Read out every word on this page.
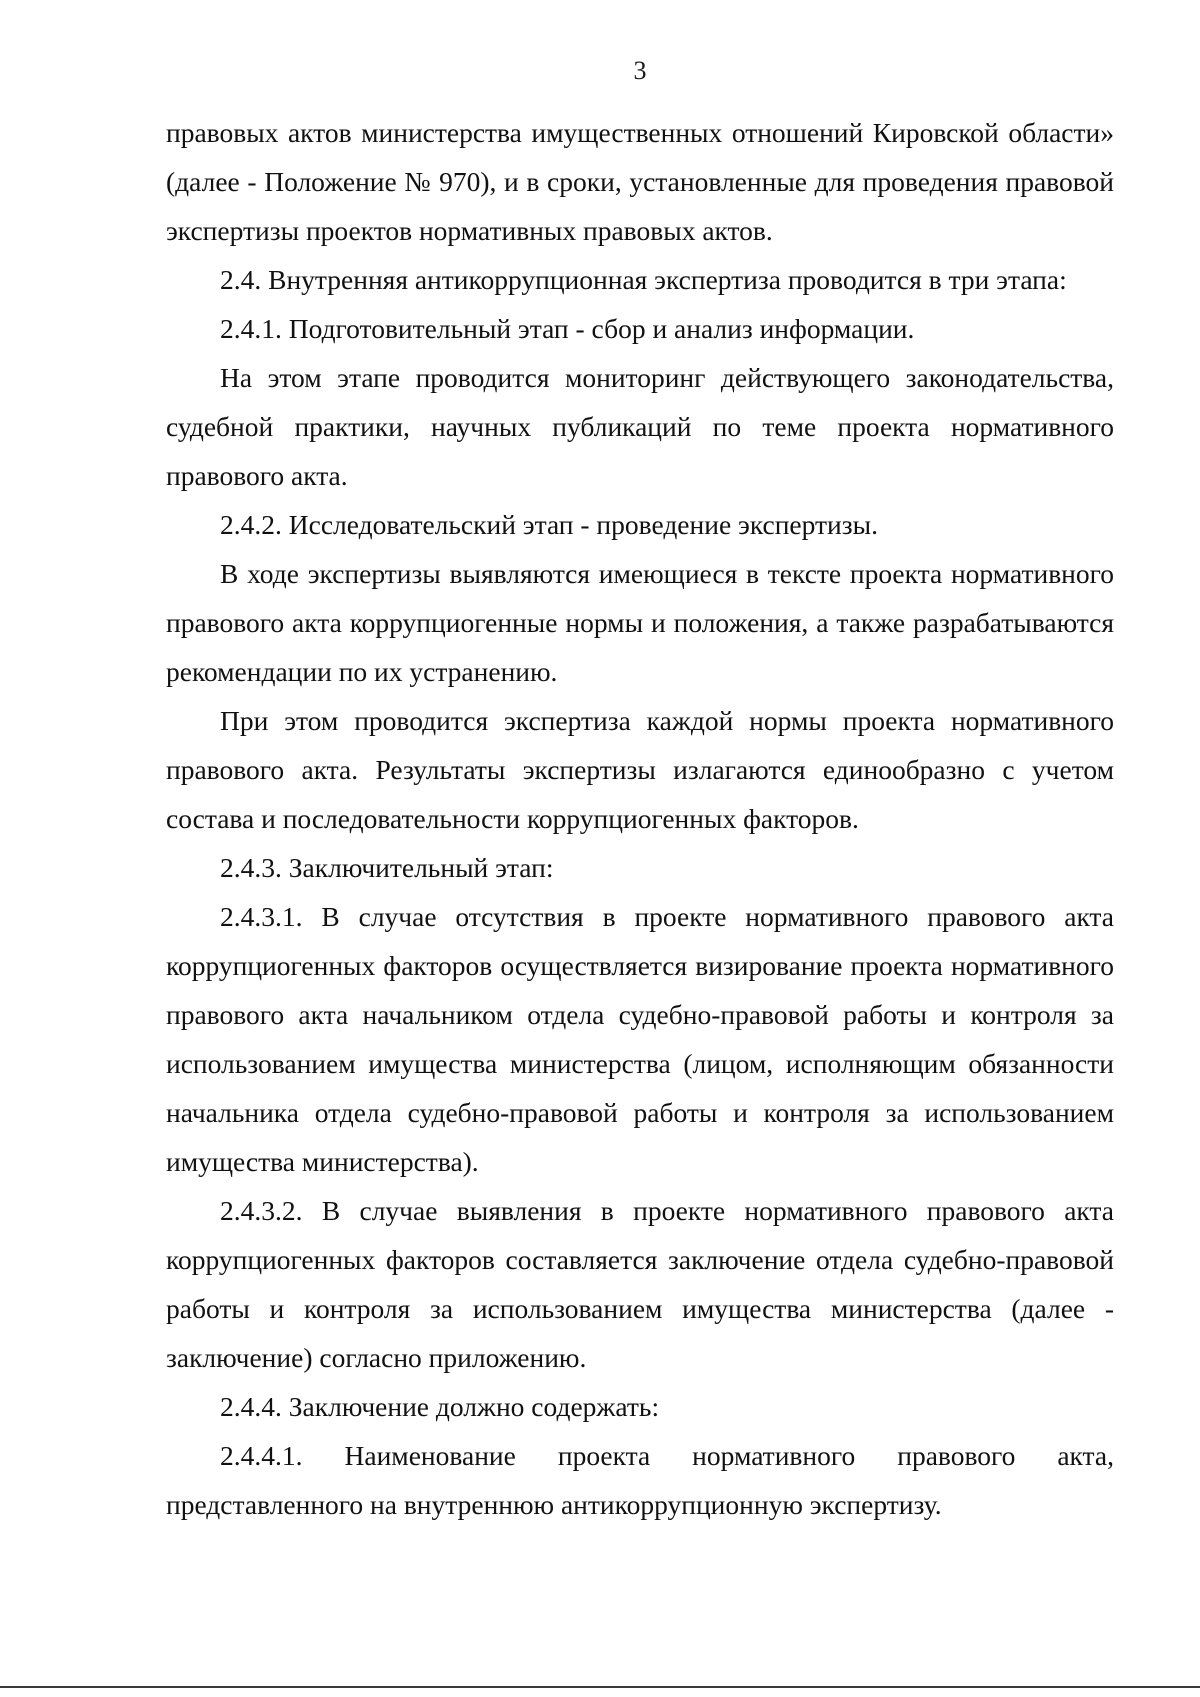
3

правовых актов министерства имущественных отношений Кировской области» (далее - Положение № 970), и в сроки, установленные для проведения правовой экспертизы проектов нормативных правовых актов.

2.4. Внутренняя антикоррупционная экспертиза проводится в три этапа:

2.4.1. Подготовительный этап - сбор и анализ информации.

На этом этапе проводится мониторинг действующего законодательства, судебной практики, научных публикаций по теме проекта нормативного правового акта.

2.4.2. Исследовательский этап - проведение экспертизы.

В ходе экспертизы выявляются имеющиеся в тексте проекта нормативного правового акта коррупциогенные нормы и положения, а также разрабатываются рекомендации по их устранению.

При этом проводится экспертиза каждой нормы проекта нормативного правового акта. Результаты экспертизы излагаются единообразно с учетом состава и последовательности коррупциогенных факторов.

2.4.3. Заключительный этап:

2.4.3.1. В случае отсутствия в проекте нормативного правового акта коррупциогенных факторов осуществляется визирование проекта нормативного правового акта начальником отдела судебно-правовой работы и контроля за использованием имущества министерства (лицом, исполняющим обязанности начальника отдела судебно-правовой работы и контроля за использованием имущества министерства).

2.4.3.2. В случае выявления в проекте нормативного правового акта коррупциогенных факторов составляется заключение отдела судебно-правовой работы и контроля за использованием имущества министерства (далее - заключение) согласно приложению.

2.4.4. Заключение должно содержать:

2.4.4.1. Наименование проекта нормативного правового акта, представленного на внутреннюю антикоррупционную экспертизу.
